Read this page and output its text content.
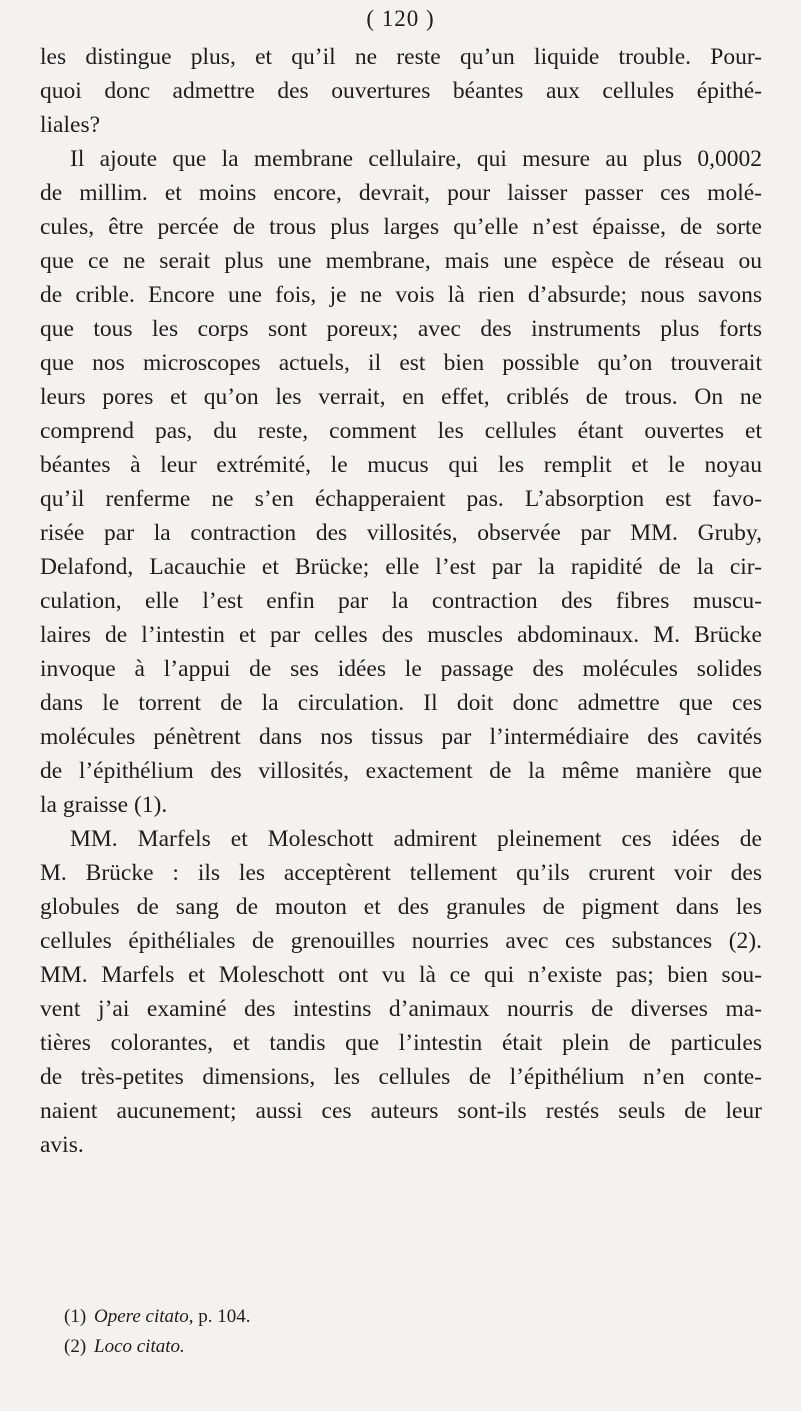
( 120 )
les distingue plus, et qu’il ne reste qu’un liquide trouble. Pour-
quoi donc admettre des ouvertures béantes aux cellules épithé-
liales?
Il ajoute que la membrane cellulaire, qui mesure au plus 0,0002
de millim. et moins encore, devrait, pour laisser passer ces molé-
cules, être percée de trous plus larges qu’elle n’est épaisse, de sorte
que ce ne serait plus une membrane, mais une espèce de réseau ou
de crible. Encore une fois, je ne vois là rien d’absurde; nous savons
que tous les corps sont poreux; avec des instruments plus forts
que nos microscopes actuels, il est bien possible qu’on trouverait
leurs pores et qu’on les verrait, en effet, criblés de trous. On ne
comprend pas, du reste, comment les cellules étant ouvertes et
béantes à leur extrémité, le mucus qui les remplit et le noyau
qu’il renferme ne s’en échapperaient pas. L’absorption est favo-
risée par la contraction des villosités, observée par MM. Gruby,
Delafond, Lacauchie et Brücke; elle l’est par la rapidité de la cir-
culation, elle l’est enfin par la contraction des fibres muscu-
laires de l’intestin et par celles des muscles abdominaux. M. Brücke
invoque à l’appui de ses idées le passage des molécules solides
dans le torrent de la circulation. Il doit donc admettre que ces
molécules pénètrent dans nos tissus par l’intermédiaire des cavités
de l’épithélium des villosités, exactement de la même manière que
la graisse (1).
MM. Marfels et Moleschott admirent pleinement ces idées de
M. Brücke : ils les acceptèrent tellement qu’ils crurent voir des
globules de sang de mouton et des granules de pigment dans les
cellules épithéliales de grenouilles nourries avec ces substances (2).
MM. Marfels et Moleschott ont vu là ce qui n’existe pas; bien sou-
vent j’ai examiné des intestins d’animaux nourris de diverses ma-
tières colorantes, et tandis que l’intestin était plein de particules
de très-petites dimensions, les cellules de l’épithélium n’en conte-
naient aucunement; aussi ces auteurs sont-ils restés seuls de leur
avis.
(1) Opere citato, p. 104.
(2) Loco citato.
